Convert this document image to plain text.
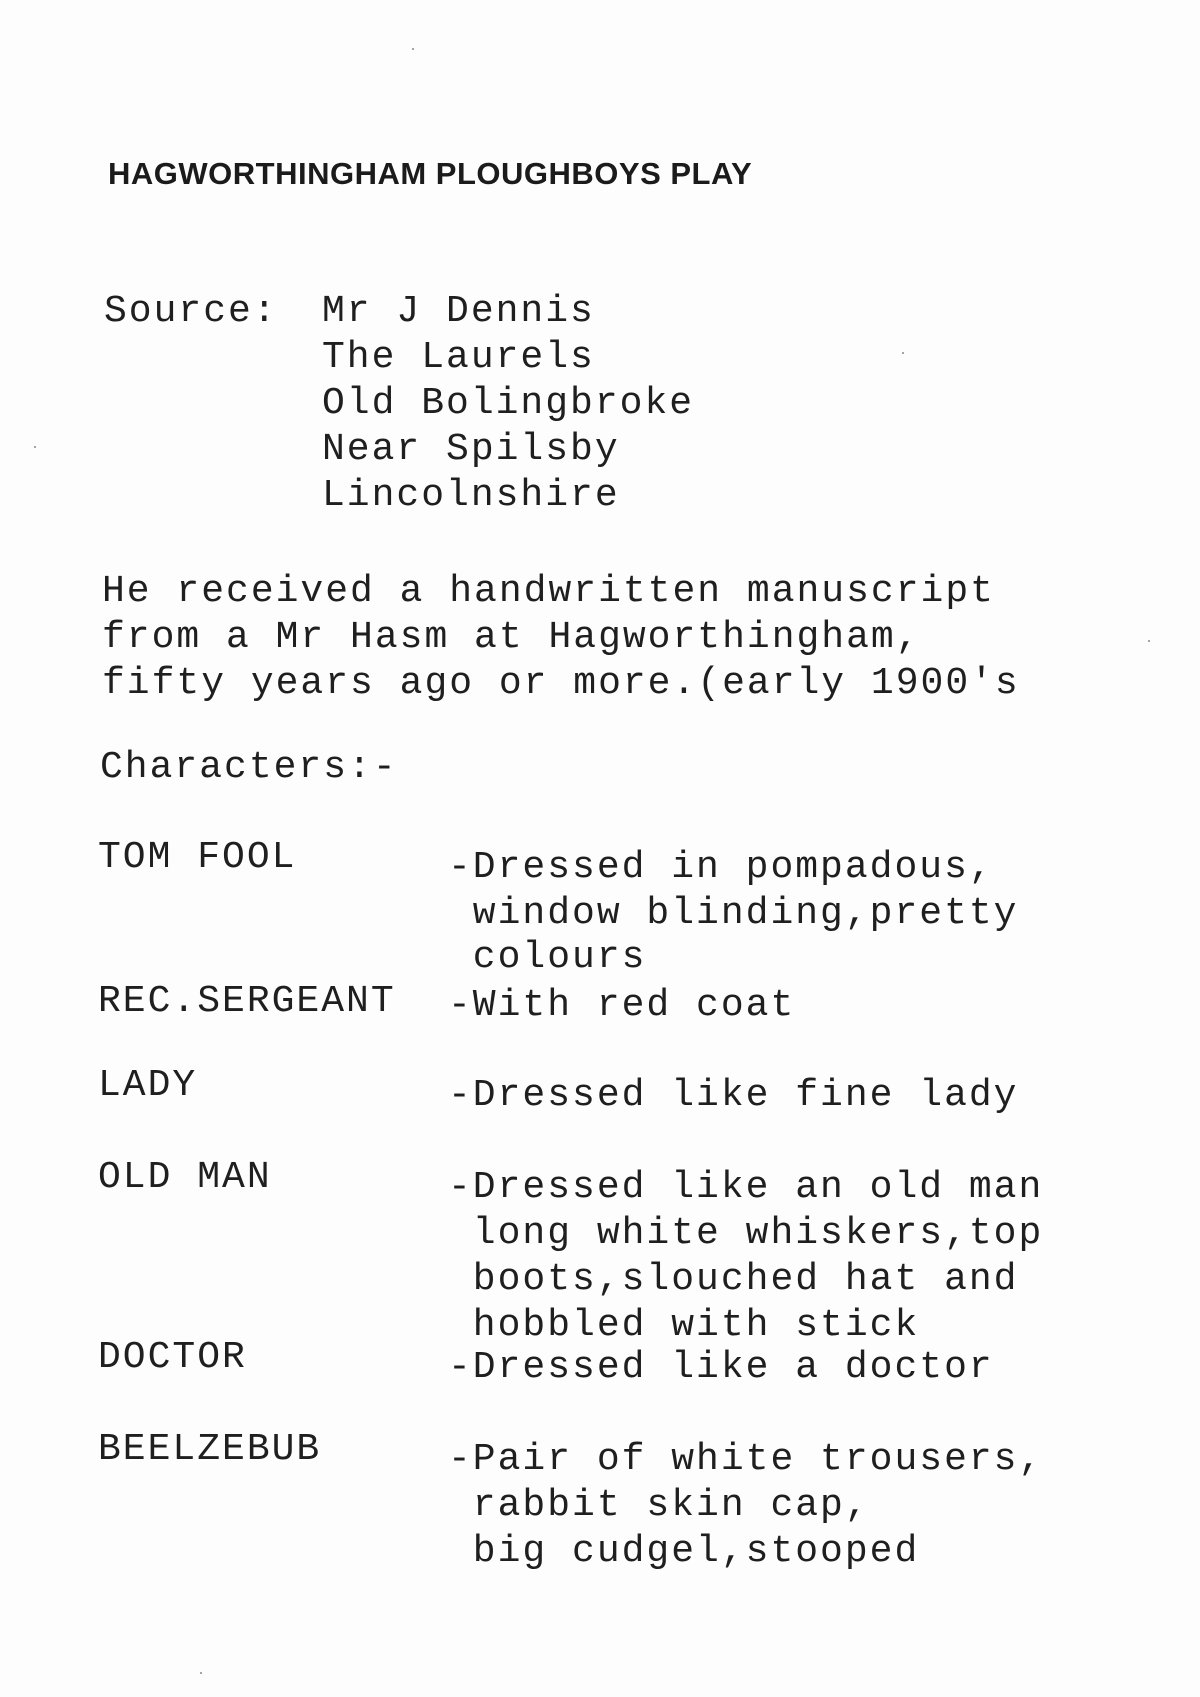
HAGWORTHINGHAM PLOUGHBOYS PLAY
Source: Mr J Dennis
The Laurels
Old Bolingbroke
Near Spilsby
Lincolnshire
He received a handwritten manuscript
from a Mr Hasm at Hagworthingham,
fifty years ago or more.(early 1900's
Characters:-
TOM FOOL	-Dressed in pompadous,
window blinding,pretty
colours
REC.SERGEANT -With red coat
LADY	-Dressed like fine lady
OLD MAN	-Dressed like an old man
long white whiskers,top
boots,slouched hat and
hobbled with stick
DOCTOR	-Dressed like a doctor
BEELZEBUB	-Pair of white trousers,
rabbit skin cap,
big cudgel,stooped
